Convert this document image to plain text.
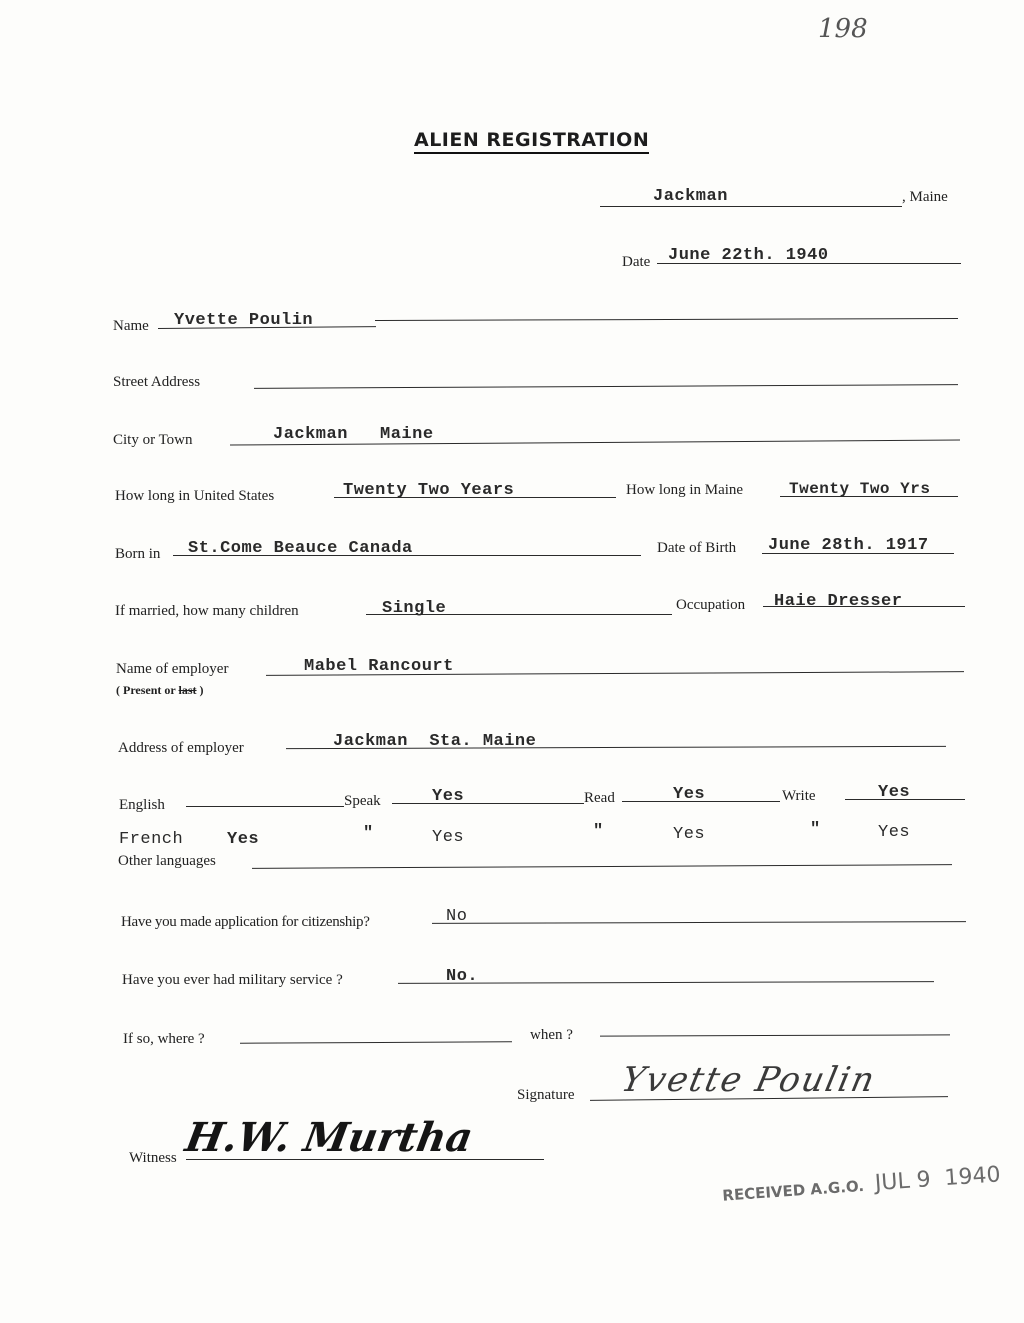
198
ALIEN REGISTRATION
Jackman	, Maine
Date June 22th. 1940
Name Yvette Poulin
Street Address
City or Town	Jackman   Maine
How long in United States	Twenty Two Years	How long in Maine	Twenty Two Yrs
Born in St.Come Beauce Canada	Date of Birth June 28th. 1917
If married, how many children	Single	Occupation Haie Dresser
Name of employer
( Present or last )
Mabel Rancourt
Address of employer	Jackman  Sta. Maine
English	Speak	Yes	Read	Yes	Write	Yes
French	Yes	"	Yes	"	Yes	"	Yes
Other languages
Have you made application for citizenship?	No
Have you ever had military service ?	No.
If so, where ?	when ?
Signature Yvette Poulin
Witness H.W. Murtha
RECEIVED A.G.O. JUL 9  1940
